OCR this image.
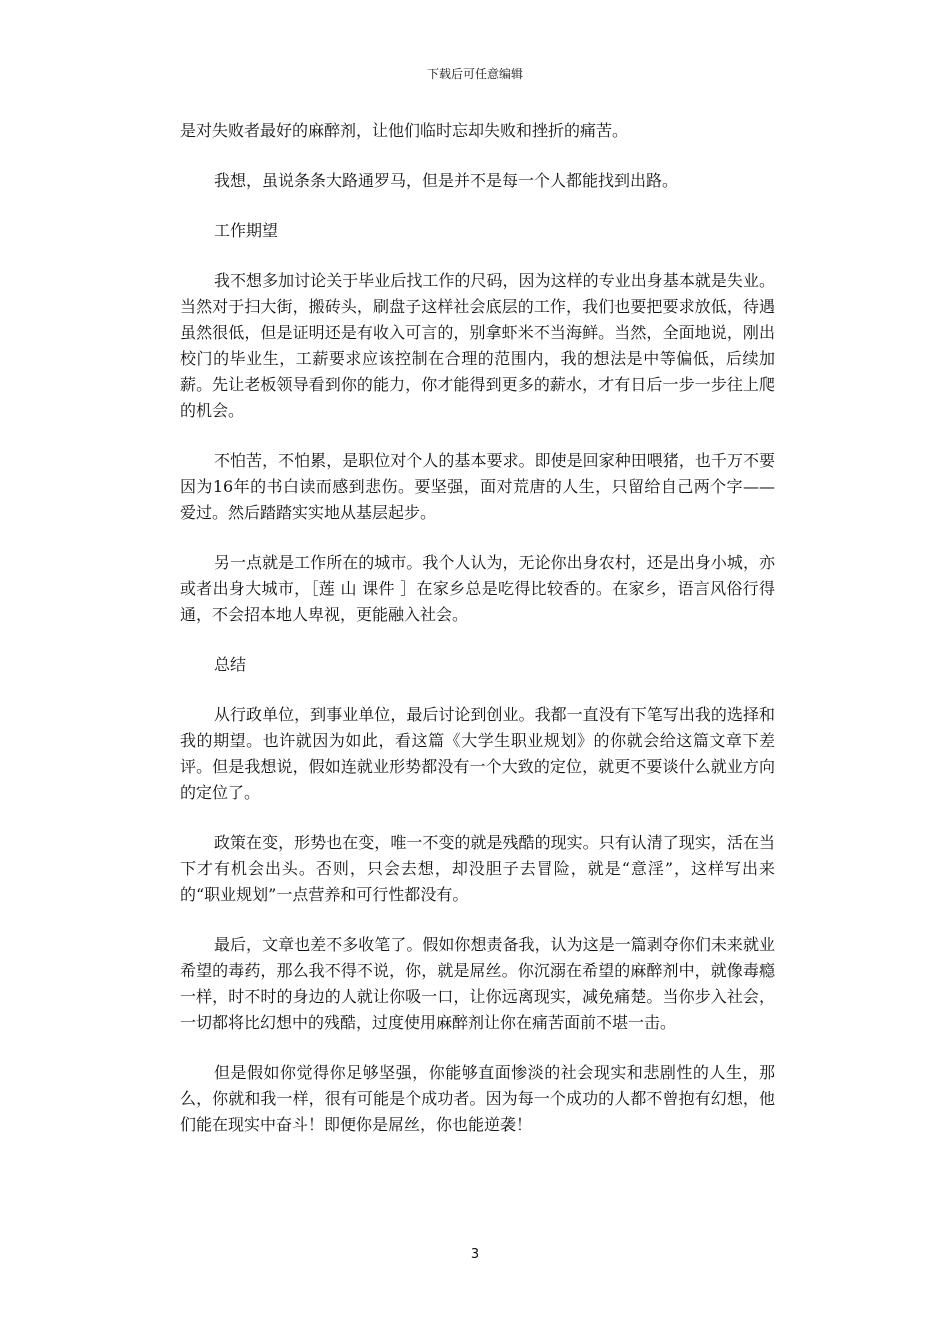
下载后可任意编辑

是对失败者最好的麻醉剂，让他们临时忘却失败和挫折的痛苦。

我想，虽说条条大路通罗马，但是并不是每一个人都能找到出路。

工作期望

我不想多加讨论关于毕业后找工作的尺码，因为这样的专业出身基本就是失业。当然对于扫大街，搬砖头，刷盘子这样社会底层的工作，我们也要把要求放低，待遇虽然很低，但是证明还是有收入可言的，别拿虾米不当海鲜。当然，全面地说，刚出校门的毕业生，工薪要求应该控制在合理的范围内，我的想法是中等偏低，后续加薪。先让老板领导看到你的能力，你才能得到更多的薪水，才有日后一步一步往上爬的机会。

不怕苦，不怕累，是职位对个人的基本要求。即使是回家种田喂猪，也千万不要因为16年的书白读而感到悲伤。要坚强，面对荒唐的人生，只留给自己两个字——爱过。然后踏踏实实地从基层起步。

另一点就是工作所在的城市。我个人认为，无论你出身农村，还是出身小城，亦或者出身大城市，［莲 山 课件 ］在家乡总是吃得比较香的。在家乡，语言风俗行得通，不会招本地人卑视，更能融入社会。

总结

从行政单位，到事业单位，最后讨论到创业。我都一直没有下笔写出我的选择和我的期望。也许就因为如此，看这篇《大学生职业规划》的你就会给这篇文章下差评。但是我想说，假如连就业形势都没有一个大致的定位，就更不要谈什么就业方向的定位了。

政策在变，形势也在变，唯一不变的就是残酷的现实。只有认清了现实，活在当下才有机会出头。否则，只会去想，却没胆子去冒险，就是“意淫”，这样写出来的“职业规划”一点营养和可行性都没有。

最后，文章也差不多收笔了。假如你想责备我，认为这是一篇剥夺你们未来就业希望的毒药，那么我不得不说，你，就是屌丝。你沉溺在希望的麻醉剂中，就像毒瘾一样，时不时的身边的人就让你吸一口，让你远离现实，减免痛楚。当你步入社会，一切都将比幻想中的残酷，过度使用麻醉剂让你在痛苦面前不堪一击。

但是假如你觉得你足够坚强，你能够直面惨淡的社会现实和悲剧性的人生，那么，你就和我一样，很有可能是个成功者。因为每一个成功的人都不曾抱有幻想，他们能在现实中奋斗！即便你是屌丝，你也能逆袭！

3
